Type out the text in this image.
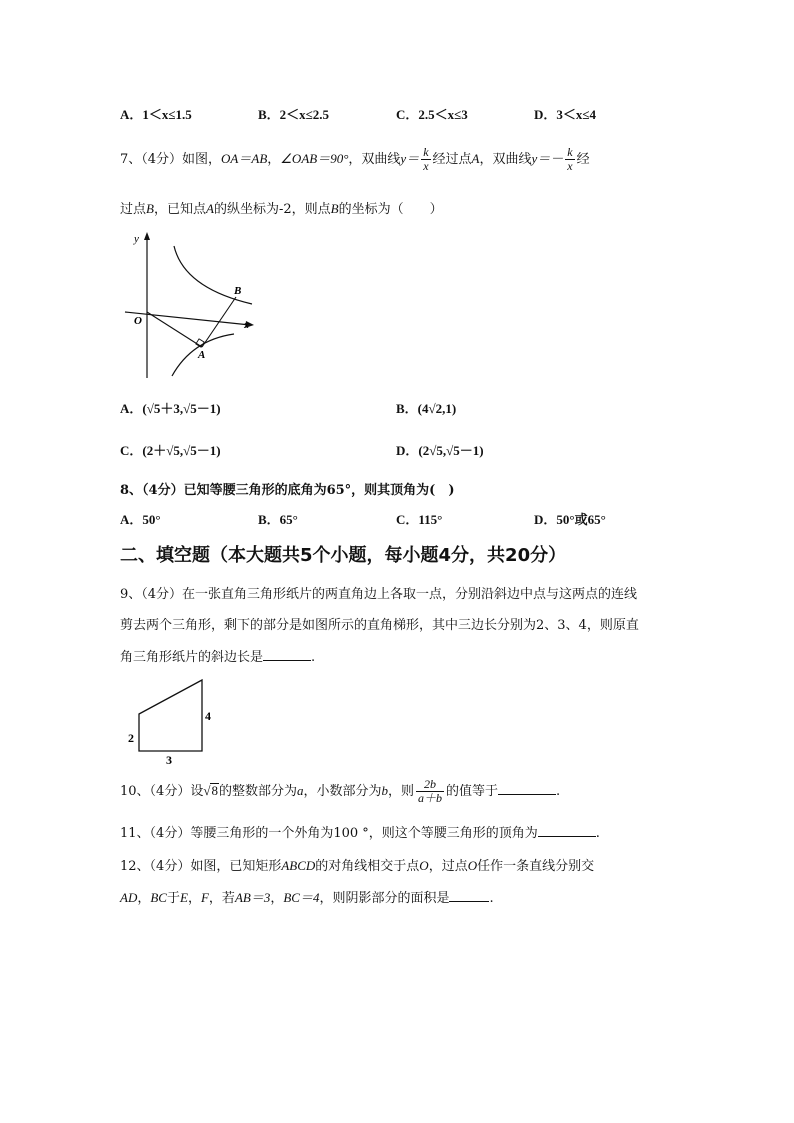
A．1＜x≤1.5	B．2＜x≤2.5	C．2.5＜x≤3	D．3＜x≤4
7、（4分）如图，OA＝AB，∠OAB＝90°，双曲线$y= \frac{k}{x}$ 经过点A，双曲线$y=- \frac{k}{x}$ 经
过点B，已知点A的纵坐标为-2，则点B的坐标为（　　）
y
x
O
A
B
A．(√5＋3,√5－1)	B．(4√2,1)
C．(2＋√5,√5－1)	D．(2√5,√5－1)
8、（4分）已知等腰三角形的底角为65°，则其顶角为(　)
A．50°	B．65°	C．115°	D．50°或65°
二、填空题（本大题共5个小题，每小题4分，共20分）
9、（4分）在一张直角三角形纸片的两直角边上各取一点，分别沿斜边中点与这两点的连线
剪去两个三角形，剩下的部分是如图所示的直角梯形，其中三边长分别为2、3、4，则原直
角三角形纸片的斜边长是	.
2
3
4
10、（4分）设√8的整数部分为a，小数部分为b，则 $\frac{2b}{a+b}$ 的值等于	.
11、（4分）等腰三角形的一个外角为100 °，则这个等腰三角形的顶角为	.
12、（4分）如图，已知矩形ABCD的对角线相交于点O，过点O任作一条直线分别交
AD，BC于E，F，若AB＝3，BC＝4，则阴影部分的面积是	.
